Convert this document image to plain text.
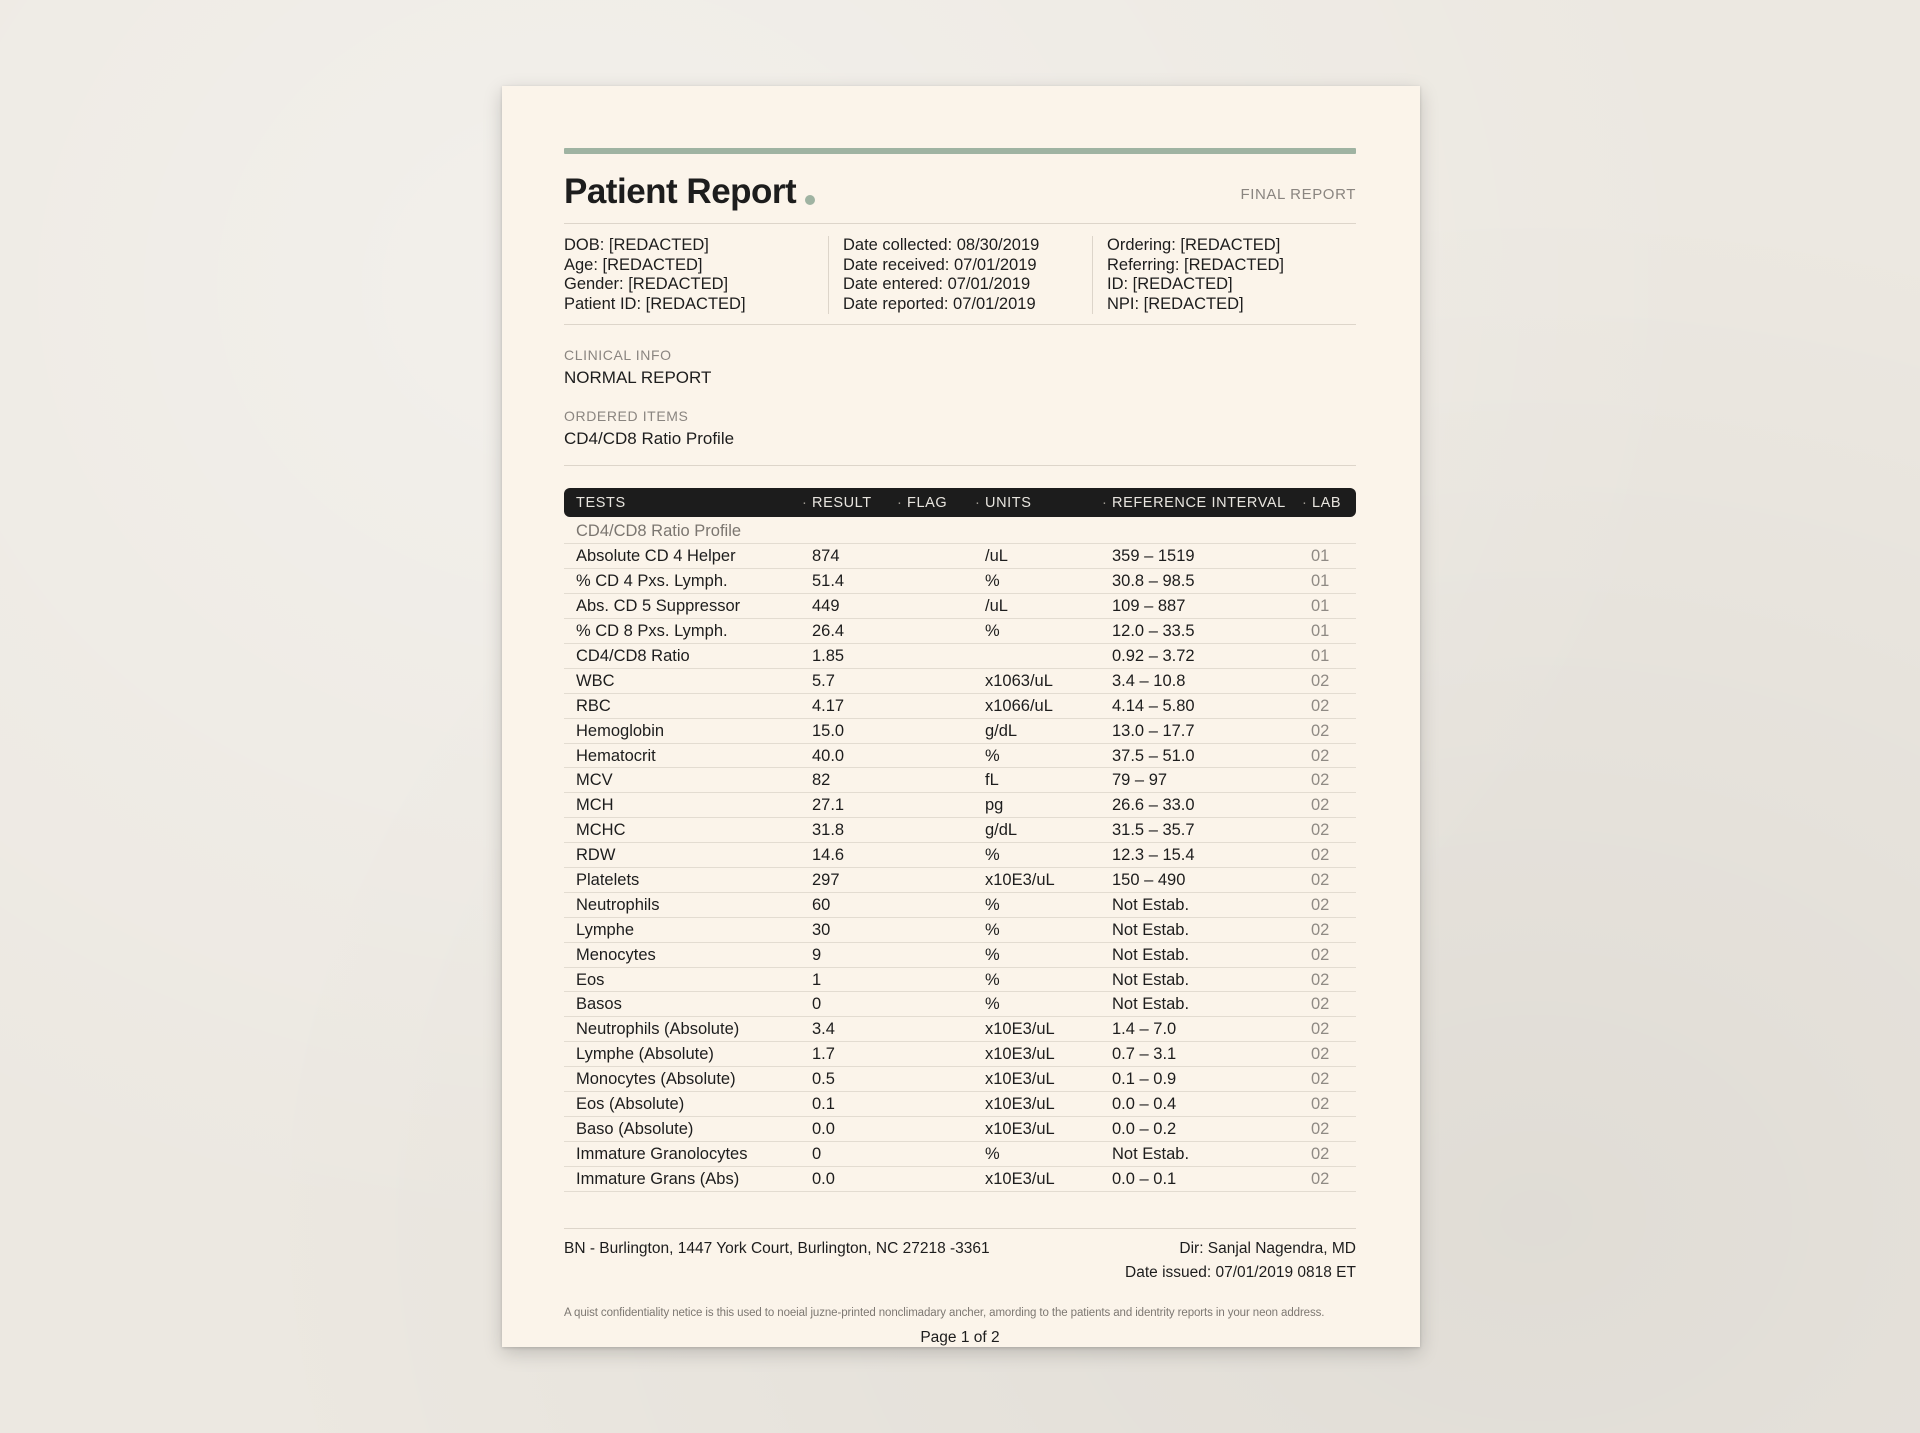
Patient Report	FINAL REPORT
DOB: [REDACTED]
Age: [REDACTED]
Gender: [REDACTED]
Patient ID: [REDACTED]
Date collected: 08/30/2019
Date received: 07/01/2019
Date entered: 07/01/2019
Date reported: 07/01/2019
Ordering: [REDACTED]
Referring: [REDACTED]
ID: [REDACTED]
NPI: [REDACTED]
CLINICAL INFO
NORMAL REPORT
ORDERED ITEMS
CD4/CD8 Ratio Profile
TESTS	· RESULT · FLAG · UNITS	· REFERENCE INTERVAL · LAB
CD4/CD8 Ratio Profile
Absolute CD 4 Helper	874	/uL	359 – 1519	01
% CD 4 Pxs. Lymph.	51.4	%	30.8 – 98.5	01
Abs. CD 5 Suppressor	449	/uL	109 – 887	01
% CD 8 Pxs. Lymph.	26.4	%	12.0 – 33.5	01
CD4/CD8 Ratio	1.85	0.92 – 3.72	01
WBC	5.7	x1063/uL	3.4 – 10.8	02
RBC	4.17	x1066/uL	4.14 – 5.80	02
Hemoglobin	15.0	g/dL	13.0 – 17.7	02
Hematocrit	40.0	%	37.5 – 51.0	02
MCV	82	fL	79 – 97	02
MCH	27.1	pg	26.6 – 33.0	02
MCHC	31.8	g/dL	31.5 – 35.7	02
RDW	14.6	%	12.3 – 15.4	02
Platelets	297	x10E3/uL	150 – 490	02
Neutrophils	60	%	Not Estab.	02
Lymphe	30	%	Not Estab.	02
Menocytes	9	%	Not Estab.	02
Eos	1	%	Not Estab.	02
Basos	0	%	Not Estab.	02
Neutrophils (Absolute)	3.4	x10E3/uL	1.4 – 7.0	02
Lymphe (Absolute)	1.7	x10E3/uL	0.7 – 3.1	02
Monocytes (Absolute)	0.5	x10E3/uL	0.1 – 0.9	02
Eos (Absolute)	0.1	x10E3/uL	0.0 – 0.4	02
Baso (Absolute)	0.0	x10E3/uL	0.0 – 0.2	02
Immature Granolocytes	0	%	Not Estab.	02
Immature Grans (Abs)	0.0	x10E3/uL	0.0 – 0.1	02
BN - Burlington, 1447 York Court, Burlington, NC 27218 -3361	Dir: Sanjal Nagendra, MD
Date issued: 07/01/2019 0818 ET
A quist confidentiality netice is this used to noeial juzne-printed nonclimadary ancher, amording to the patients and identrity reports in your neon address.
Page 1 of 2
